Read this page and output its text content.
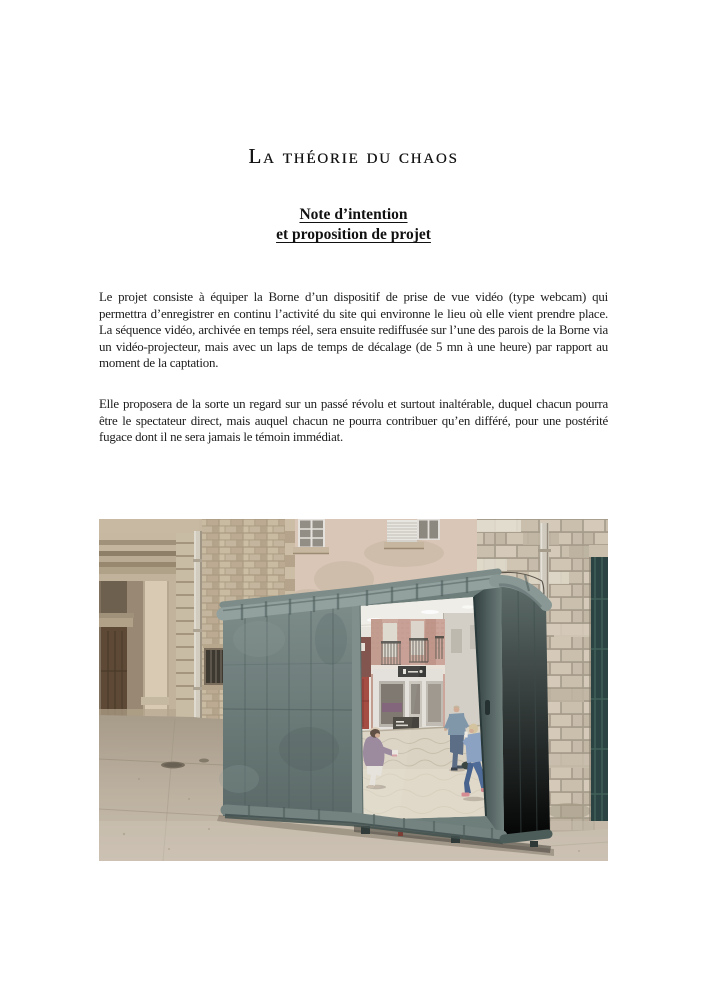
La théorie du chaos
Note d’intention
et proposition de projet

Le projet consiste à équiper la Borne d’un dispositif de prise de vue vidéo (type webcam) qui permettra d’enregistrer en continu l’activité du site qui environne le lieu où elle vient prendre place. La séquence vidéo, archivée en temps réel, sera ensuite rediffusée sur l’une des parois de la Borne via un vidéo-projecteur, mais avec un laps de temps de décalage (de 5 mn à une heure) par rapport au moment de la captation.

Elle proposera de la sorte un regard sur un passé révolu et surtout inaltérable, duquel chacun pourra être le spectateur direct, mais auquel chacun ne pourra contribuer qu’en différé, pour une postérité fugace dont il ne sera jamais le témoin immédiat.
